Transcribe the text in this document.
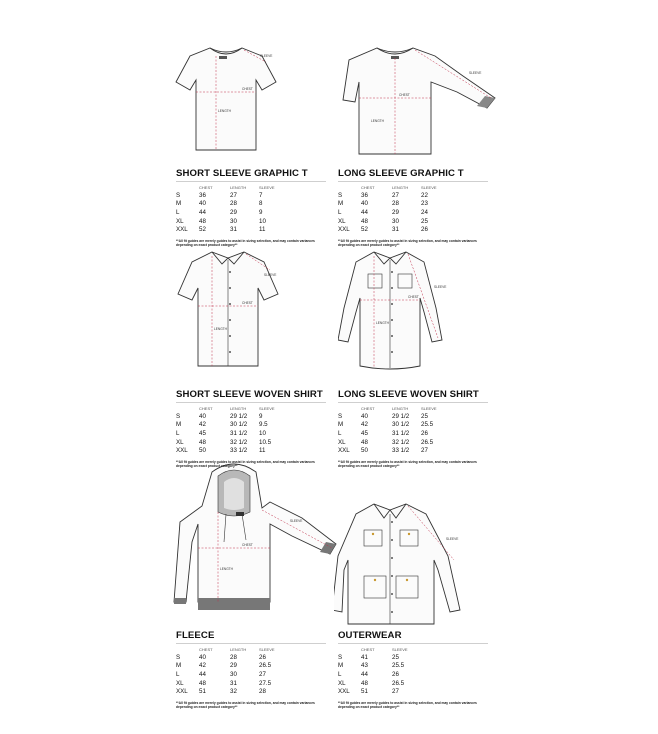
CHEST
LENGTH
SLEEVE
CHEST
LENGTH
SLEEVE
CHEST
LENGTH
SLEEVE
CHEST
LENGTH
SLEEVE
CHEST
LENGTH
SLEEVE
SLEEVE
SHORT SLEEVE GRAPHIC T
	CHEST	LENGTH	SLEEVE
S	36	27	7
M	40	28	8
L	44	29	9
XL	48	30	10
XXL	52	31	11
**All fit guides are merely guides to assist in sizing selection, and may contain variances depending on exact product category**
LONG SLEEVE GRAPHIC T
	CHEST	LENGTH	SLEEVE
S	36	27	22
M	40	28	23
L	44	29	24
XL	48	30	25
XXL	52	31	26
**All fit guides are merely guides to assist in sizing selection, and may contain variances depending on exact product category**
SHORT SLEEVE WOVEN SHIRT
	CHEST	LENGTH	SLEEVE
S	40	29 1/2	9
M	42	30 1/2	9.5
L	45	31 1/2	10
XL	48	32 1/2	10.5
XXL	50	33 1/2	11
**All fit guides are merely guides to assist in sizing selection, and may contain variances depending on exact product category**
LONG SLEEVE WOVEN SHIRT
	CHEST	LENGTH	SLEEVE
S	40	29 1/2	25
M	42	30 1/2	25.5
L	45	31 1/2	26
XL	48	32 1/2	26.5
XXL	50	33 1/2	27
**All fit guides are merely guides to assist in sizing selection, and may contain variances depending on exact product category**
FLEECE
	CHEST	LENGTH	SLEEVE
S	40	28	26
M	42	29	26.5
L	44	30	27
XL	48	31	27.5
XXL	51	32	28
**All fit guides are merely guides to assist in sizing selection, and may contain variances depending on exact product category**
OUTERWEAR
	CHEST	SLEEVE
S	41	25
M	43	25.5
L	44	26
XL	48	26.5
XXL	51	27
**All fit guides are merely guides to assist in sizing selection, and may contain variances depending on exact product category**
